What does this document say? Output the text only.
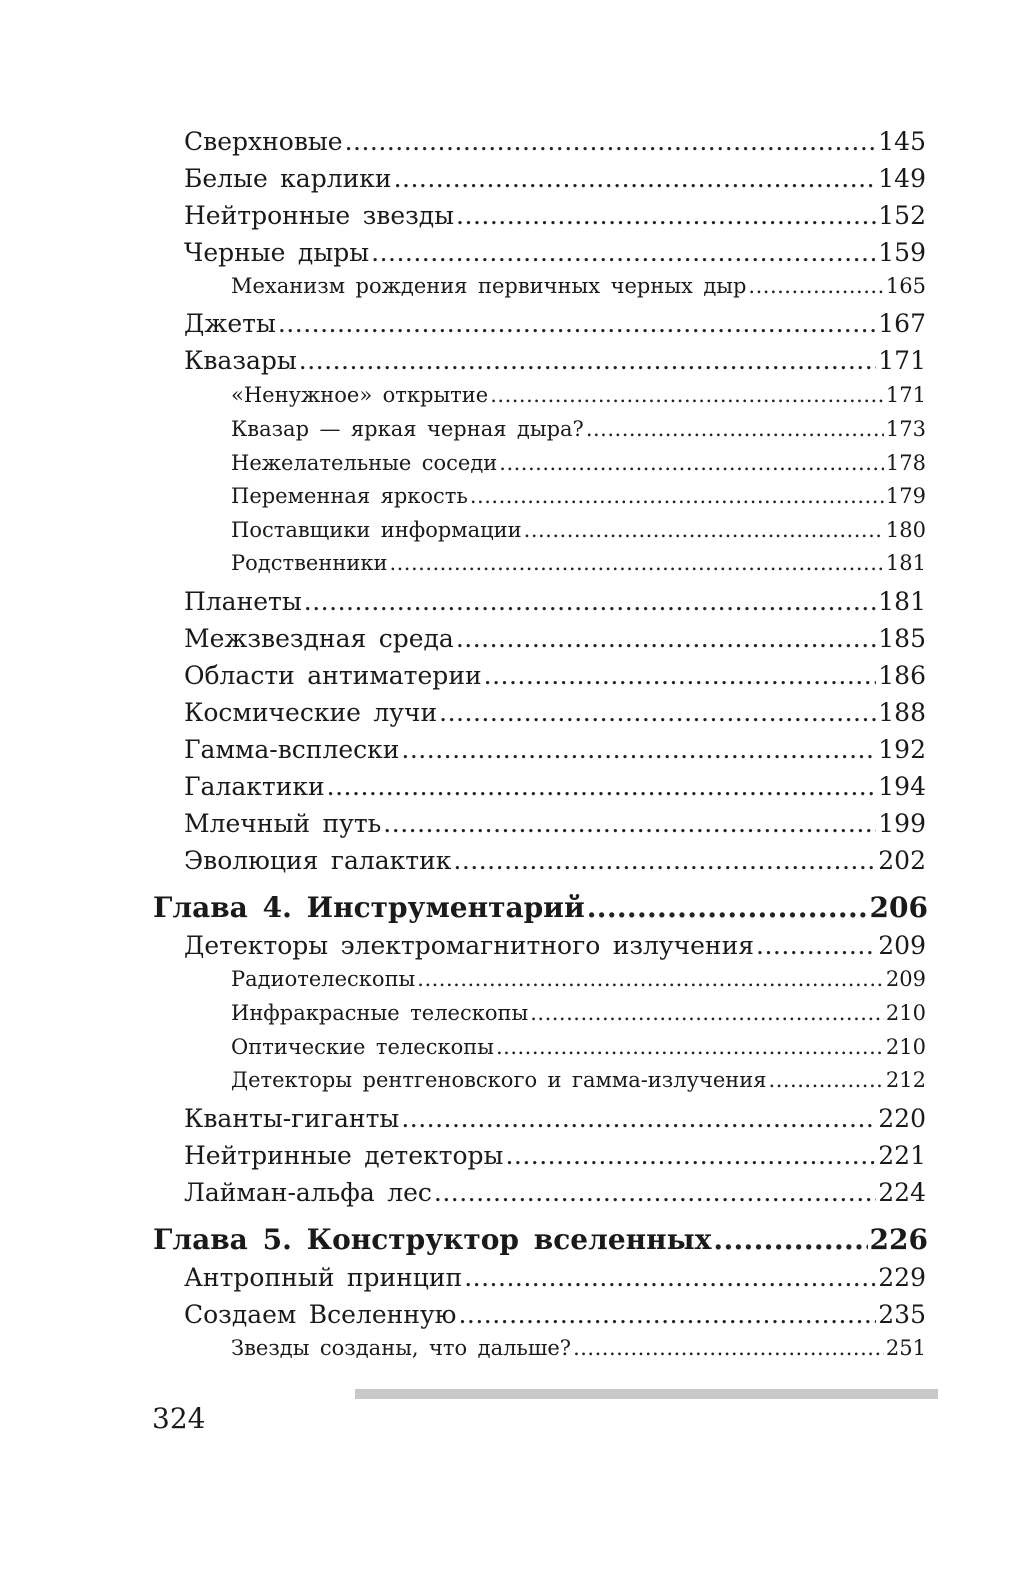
Сверхновые .....	145
Белые карлики .....	149
Нейтронные звезды .....	152
Черные дыры .....	159
Механизм рождения первичных черных дыр .....	165
Джеты .....	167
Квазары .....	171
«Ненужное» открытие .....	171
Квазар — яркая черная дыра? .....	173
Нежелательные соседи .....	178
Переменная яркость .....	179
Поставщики информации .....	180
Родственники .....	181
Планеты .....	181
Межзвездная среда .....	185
Области антиматерии .....	186
Космические лучи .....	188
Гамма-всплески .....	192
Галактики .....	194
Млечный путь .....	199
Эволюция галактик .....	202
Глава 4. Инструментарий .....	206
Детекторы электромагнитного излучения .....	209
Радиотелескопы .....	209
Инфракрасные телескопы .....	210
Оптические телескопы .....	210
Детекторы рентгеновского и гамма-излучения .....	212
Кванты-гиганты .....	220
Нейтринные детекторы .....	221
Лайман-альфа лес .....	224
Глава 5. Конструктор вселенных .....	226
Антропный принцип .....	229
Создаем Вселенную .....	235
Звезды созданы, что дальше? .....	251
324
